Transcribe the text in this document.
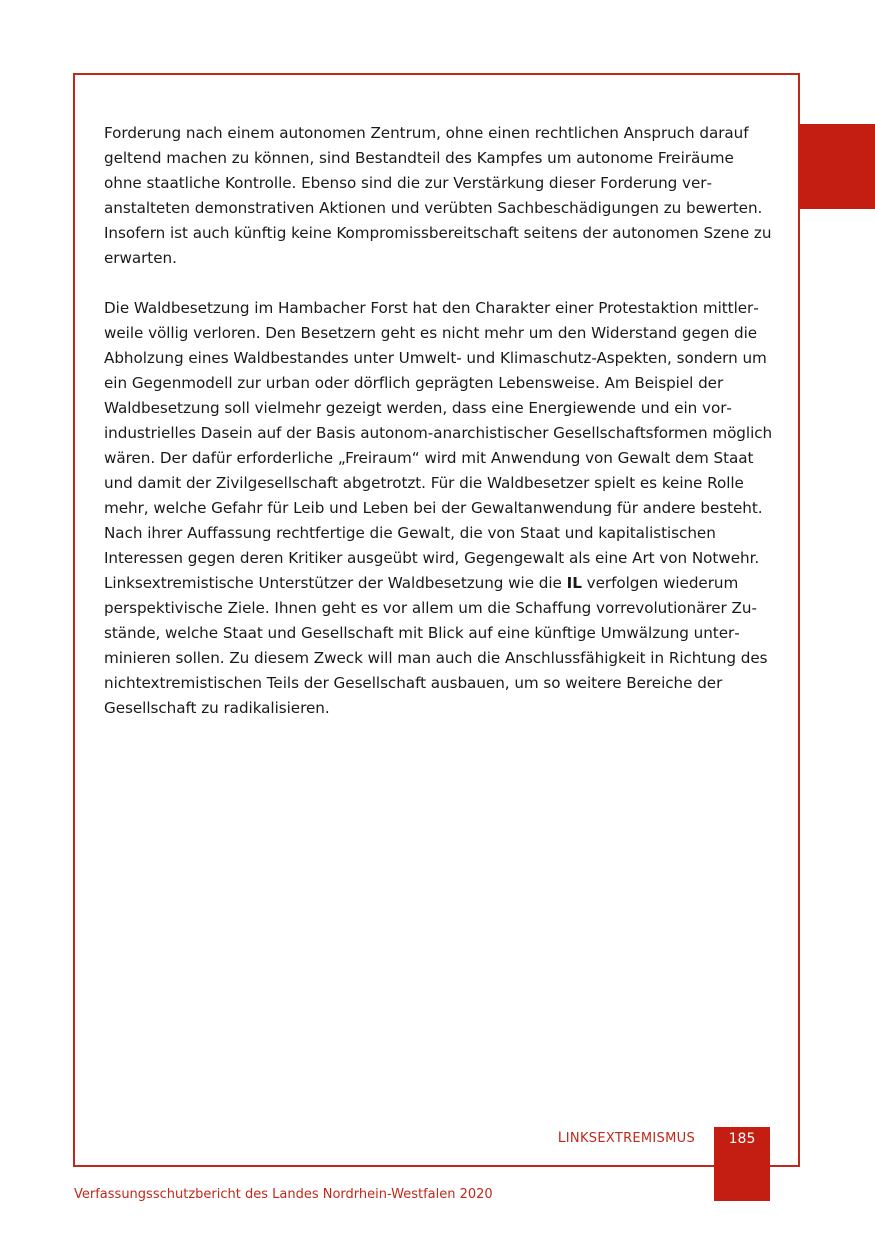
Forderung nach einem autonomen Zentrum, ohne einen rechtlichen Anspruch darauf geltend machen zu können, sind Bestandteil des Kampfes um autonome Freiräume ohne staatliche Kontrolle. Ebenso sind die zur Verstärkung dieser Forderung veranstalteten demonstrativen Aktionen und verübten Sachbeschädigungen zu bewerten. Insofern ist auch künftig keine Kompromissbereitschaft seitens der autonomen Szene zu erwarten.

Die Waldbesetzung im Hambacher Forst hat den Charakter einer Protestaktion mittlerweile völlig verloren. Den Besetzern geht es nicht mehr um den Widerstand gegen die Abholzung eines Waldbestandes unter Umwelt- und Klimaschutz-Aspekten, sondern um ein Gegenmodell zur urban oder dörflich geprägten Lebensweise. Am Beispiel der Waldbesetzung soll vielmehr gezeigt werden, dass eine Energiewende und ein vorindustrielles Dasein auf der Basis autonom-anarchistischer Gesellschaftsformen möglich wären. Der dafür erforderliche „Freiraum“ wird mit Anwendung von Gewalt dem Staat und damit der Zivilgesellschaft abgetrotzt. Für die Waldbesetzer spielt es keine Rolle mehr, welche Gefahr für Leib und Leben bei der Gewaltanwendung für andere besteht. Nach ihrer Auffassung rechtfertige die Gewalt, die von Staat und kapitalistischen Interessen gegen deren Kritiker ausgeübt wird, Gegengewalt als eine Art von Notwehr. Linksextremistische Unterstützer der Waldbesetzung wie die IL verfolgen wiederum perspektivische Ziele. Ihnen geht es vor allem um die Schaffung vorrevolutionärer Zustände, welche Staat und Gesellschaft mit Blick auf eine künftige Umwälzung unterminieren sollen. Zu diesem Zweck will man auch die Anschlussfähigkeit in Richtung des nichtextremistischen Teils der Gesellschaft ausbauen, um so weitere Bereiche der Gesellschaft zu radikalisieren.

LINKSEXTREMISMUS	185
Verfassungsschutzbericht des Landes Nordrhein-Westfalen 2020
